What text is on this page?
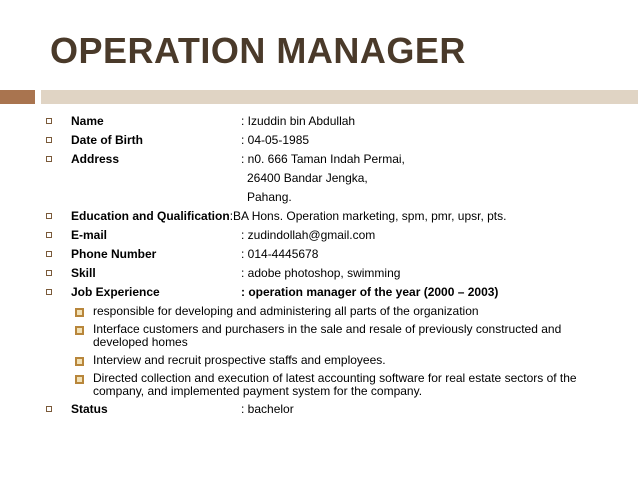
OPERATION MANAGER
Name	: Izuddin bin Abdullah
Date of Birth	: 04-05-1985
Address	: n0. 666 Taman Indah Permai,
26400 Bandar Jengka,
Pahang.
Education and Qualification:BA Hons. Operation marketing, spm, pmr, upsr, pts.
E-mail	: zudindollah@gmail.com
Phone Number	: 014-4445678
Skill	: adobe photoshop, swimming
Job Experience	: operation manager of the year (2000 – 2003)
responsible for developing and administering all parts of the organization
Interface customers and purchasers in the sale and resale of previously constructed and developed homes
Interview and recruit prospective staffs and employees.
Directed collection and execution of latest accounting software for real estate sectors of the company, and implemented payment system for the company.
Status	: bachelor
